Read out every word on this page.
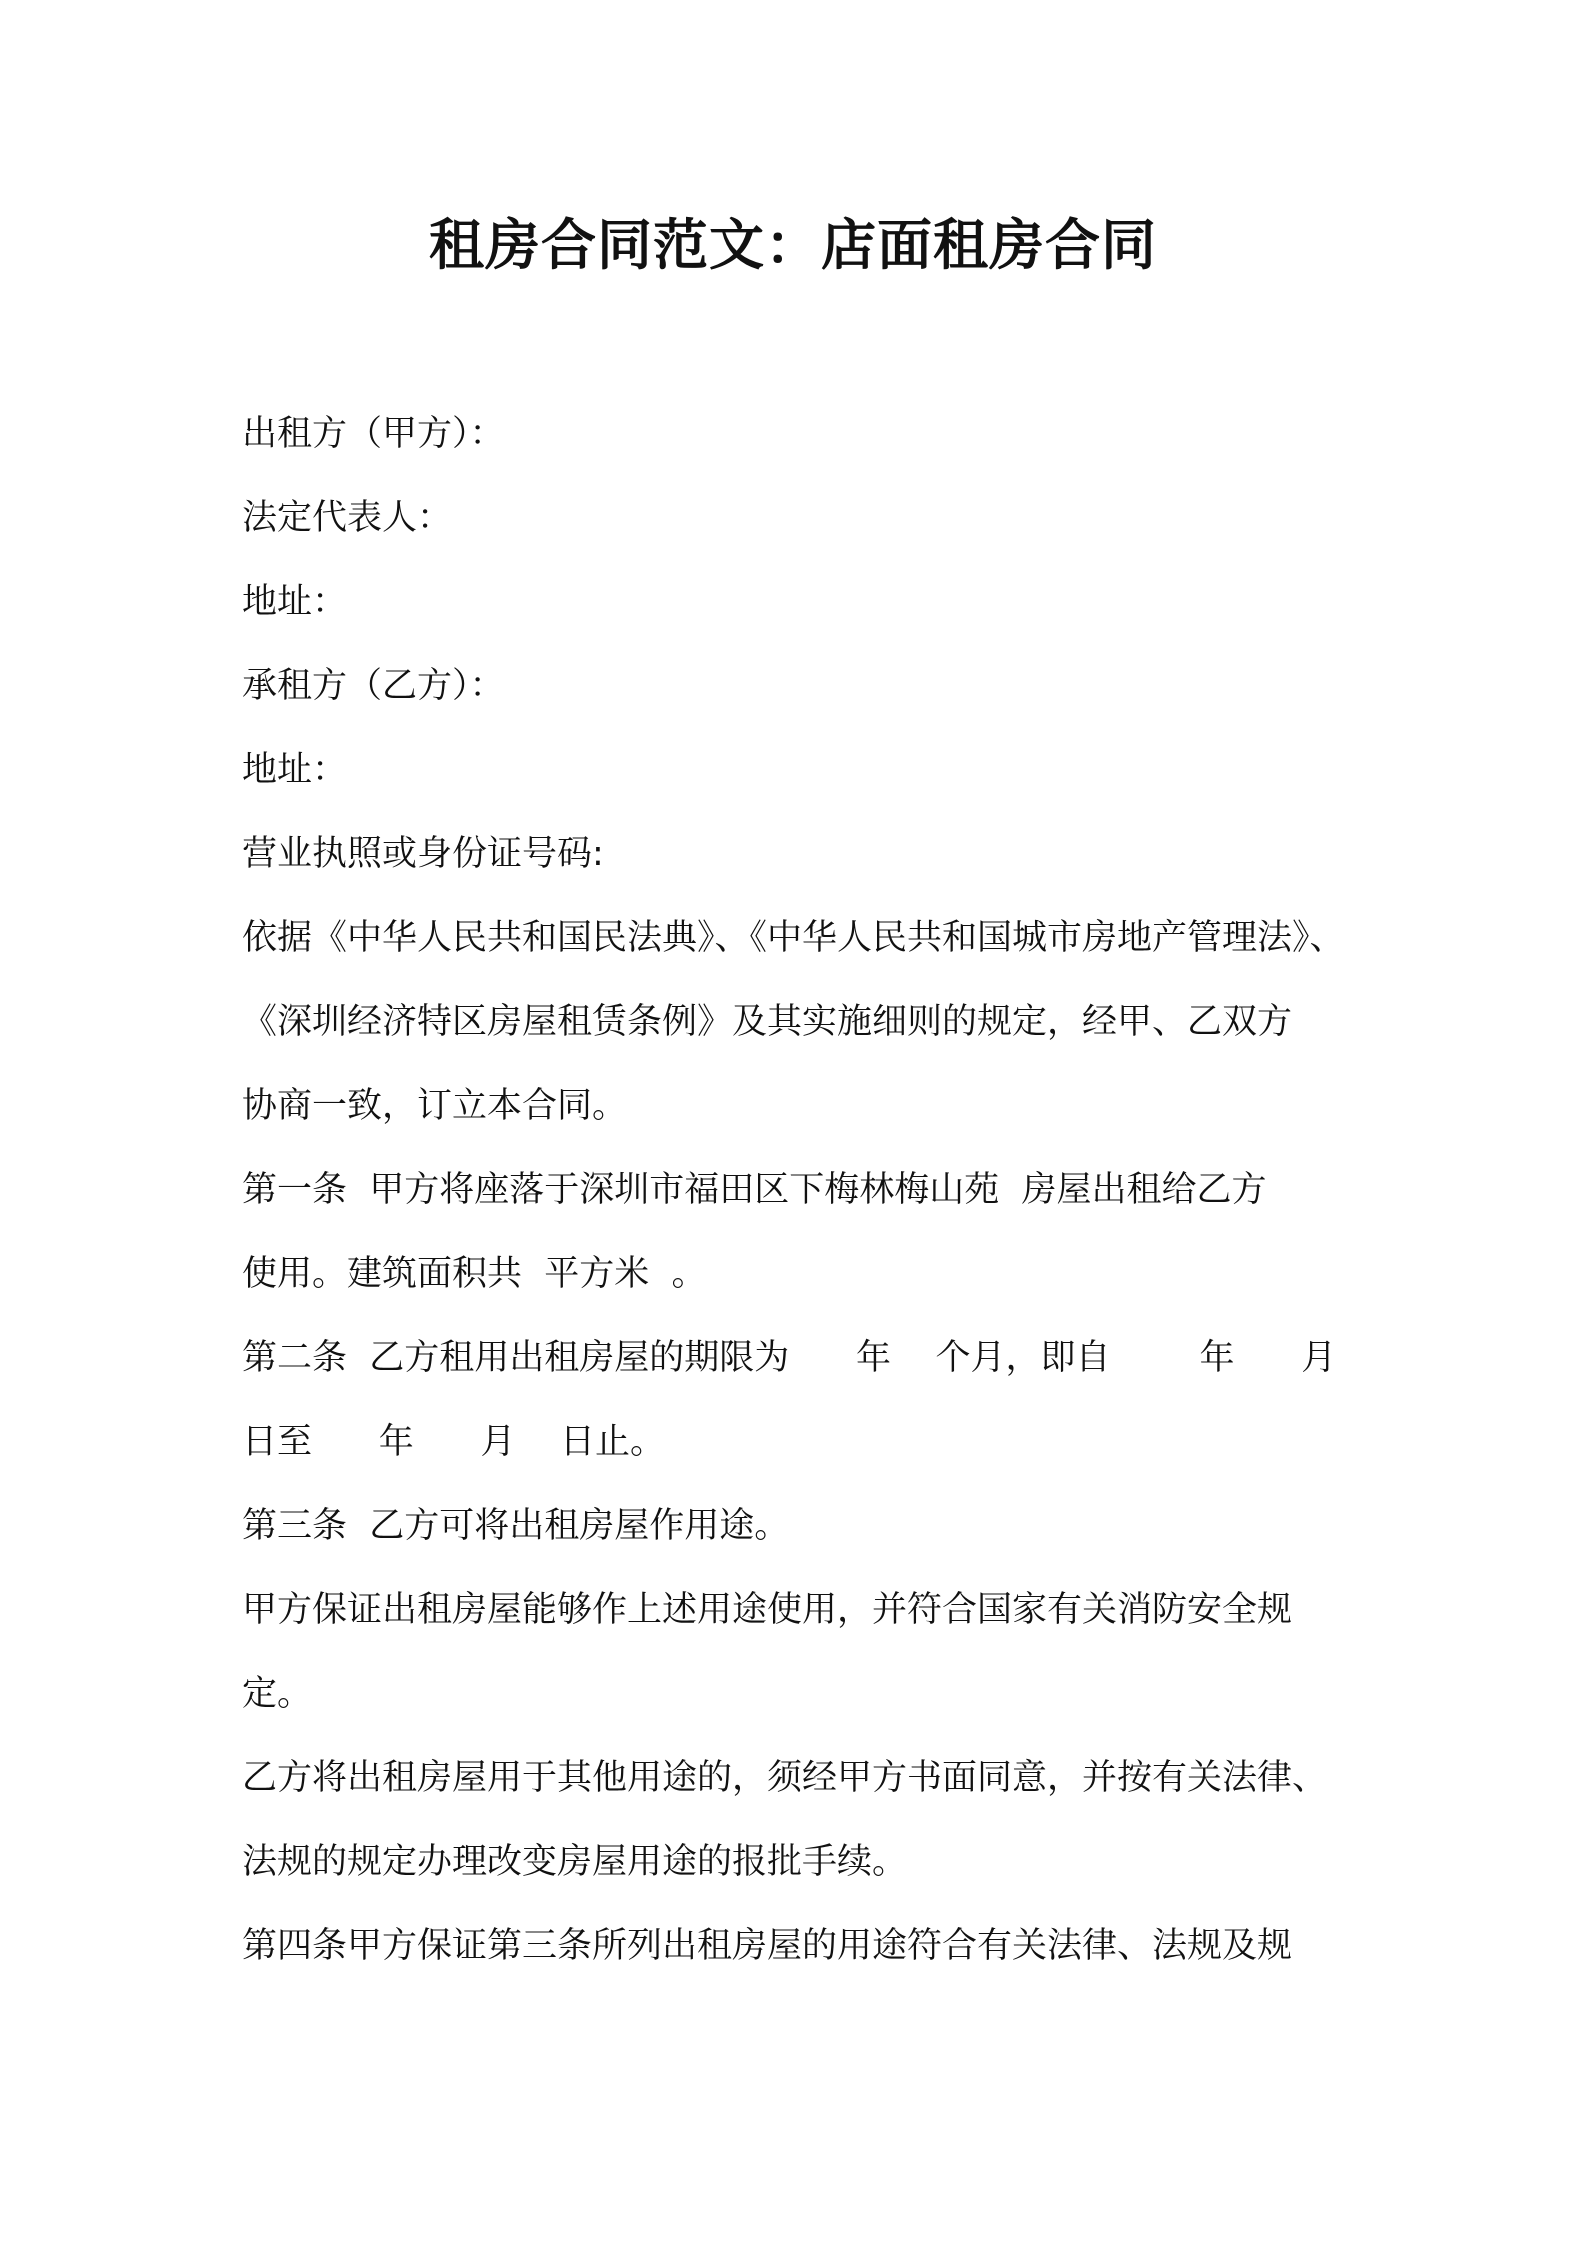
租房合同范文：店面租房合同

出租方（甲方）：

法定代表人：

地址：

承租方（乙方）：

地址：

营业执照或身份证号码:

依据《中华人民共和国民法典》、《中华人民共和国城市房地产管理法》、

《深圳经济特区房屋租赁条例》及其实施细则的规定，经甲、乙双方

协商一致，订立本合同。

第一条  甲方将座落于深圳市福田区下梅林梅山苑  房屋出租给乙方

使用。建筑面积共  平方米  。

第二条  乙方租用出租房屋的期限为      年    个月，即自        年      月

日至      年      月    日止。

第三条  乙方可将出租房屋作用途。

甲方保证出租房屋能够作上述用途使用，并符合国家有关消防安全规

定。

乙方将出租房屋用于其他用途的，须经甲方书面同意，并按有关法律、

法规的规定办理改变房屋用途的报批手续。

第四条甲方保证第三条所列出租房屋的用途符合有关法律、法规及规
